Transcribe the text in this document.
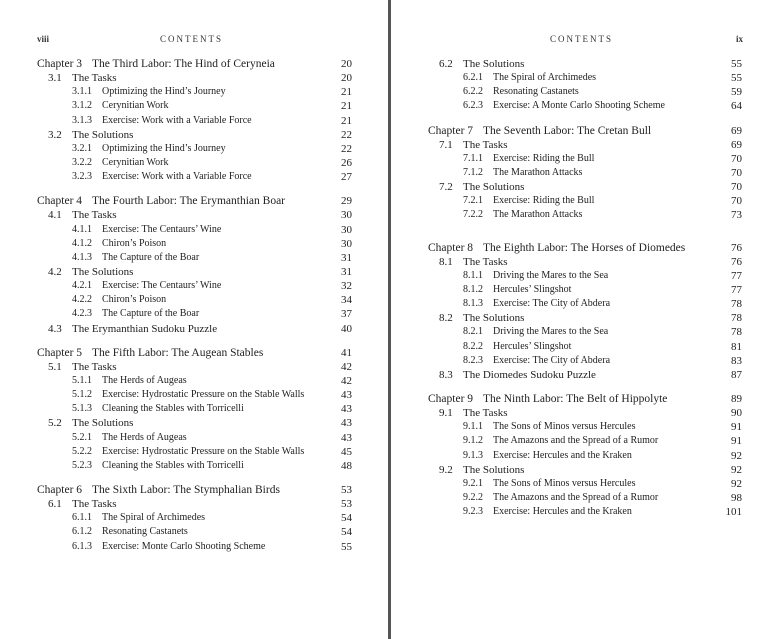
viii	CONTENTS
Chapter 3 The Third Labor: The Hind of Ceryneia	20
3.1 The Tasks	20
3.1.1 Optimizing the Hind’s Journey	21
3.1.2 Cerynitian Work	21
3.1.3 Exercise: Work with a Variable Force	21
3.2 The Solutions	22
3.2.1 Optimizing the Hind’s Journey	22
3.2.2 Cerynitian Work	26
3.2.3 Exercise: Work with a Variable Force	27
Chapter 4 The Fourth Labor: The Erymanthian Boar	29
4.1 The Tasks	30
4.1.1 Exercise: The Centaurs’ Wine	30
4.1.2 Chiron’s Poison	30
4.1.3 The Capture of the Boar	31
4.2 The Solutions	31
4.2.1 Exercise: The Centaurs’ Wine	32
4.2.2 Chiron’s Poison	34
4.2.3 The Capture of the Boar	37
4.3 The Erymanthian Sudoku Puzzle	40
Chapter 5 The Fifth Labor: The Augean Stables	41
5.1 The Tasks	42
5.1.1 The Herds of Augeas	42
5.1.2 Exercise: Hydrostatic Pressure on the Stable Walls	43
5.1.3 Cleaning the Stables with Torricelli	43
5.2 The Solutions	43
5.2.1 The Herds of Augeas	43
5.2.2 Exercise: Hydrostatic Pressure on the Stable Walls	45
5.2.3 Cleaning the Stables with Torricelli	48
Chapter 6 The Sixth Labor: The Stymphalian Birds	53
6.1 The Tasks	53
6.1.1 The Spiral of Archimedes	54
6.1.2 Resonating Castanets	54
6.1.3 Exercise: Monte Carlo Shooting Scheme	55
CONTENTS	ix
6.2 The Solutions	55
6.2.1 The Spiral of Archimedes	55
6.2.2 Resonating Castanets	59
6.2.3 Exercise: A Monte Carlo Shooting Scheme	64
Chapter 7 The Seventh Labor: The Cretan Bull	69
7.1 The Tasks	69
7.1.1 Exercise: Riding the Bull	70
7.1.2 The Marathon Attacks	70
7.2 The Solutions	70
7.2.1 Exercise: Riding the Bull	70
7.2.2 The Marathon Attacks	73
Chapter 8 The Eighth Labor: The Horses of Diomedes	76
8.1 The Tasks	76
8.1.1 Driving the Mares to the Sea	77
8.1.2 Hercules’ Slingshot	77
8.1.3 Exercise: The City of Abdera	78
8.2 The Solutions	78
8.2.1 Driving the Mares to the Sea	78
8.2.2 Hercules’ Slingshot	81
8.2.3 Exercise: The City of Abdera	83
8.3 The Diomedes Sudoku Puzzle	87
Chapter 9 The Ninth Labor: The Belt of Hippolyte	89
9.1 The Tasks	90
9.1.1 The Sons of Minos versus Hercules	91
9.1.2 The Amazons and the Spread of a Rumor	91
9.1.3 Exercise: Hercules and the Kraken	92
9.2 The Solutions	92
9.2.1 The Sons of Minos versus Hercules	92
9.2.2 The Amazons and the Spread of a Rumor	98
9.2.3 Exercise: Hercules and the Kraken	101
